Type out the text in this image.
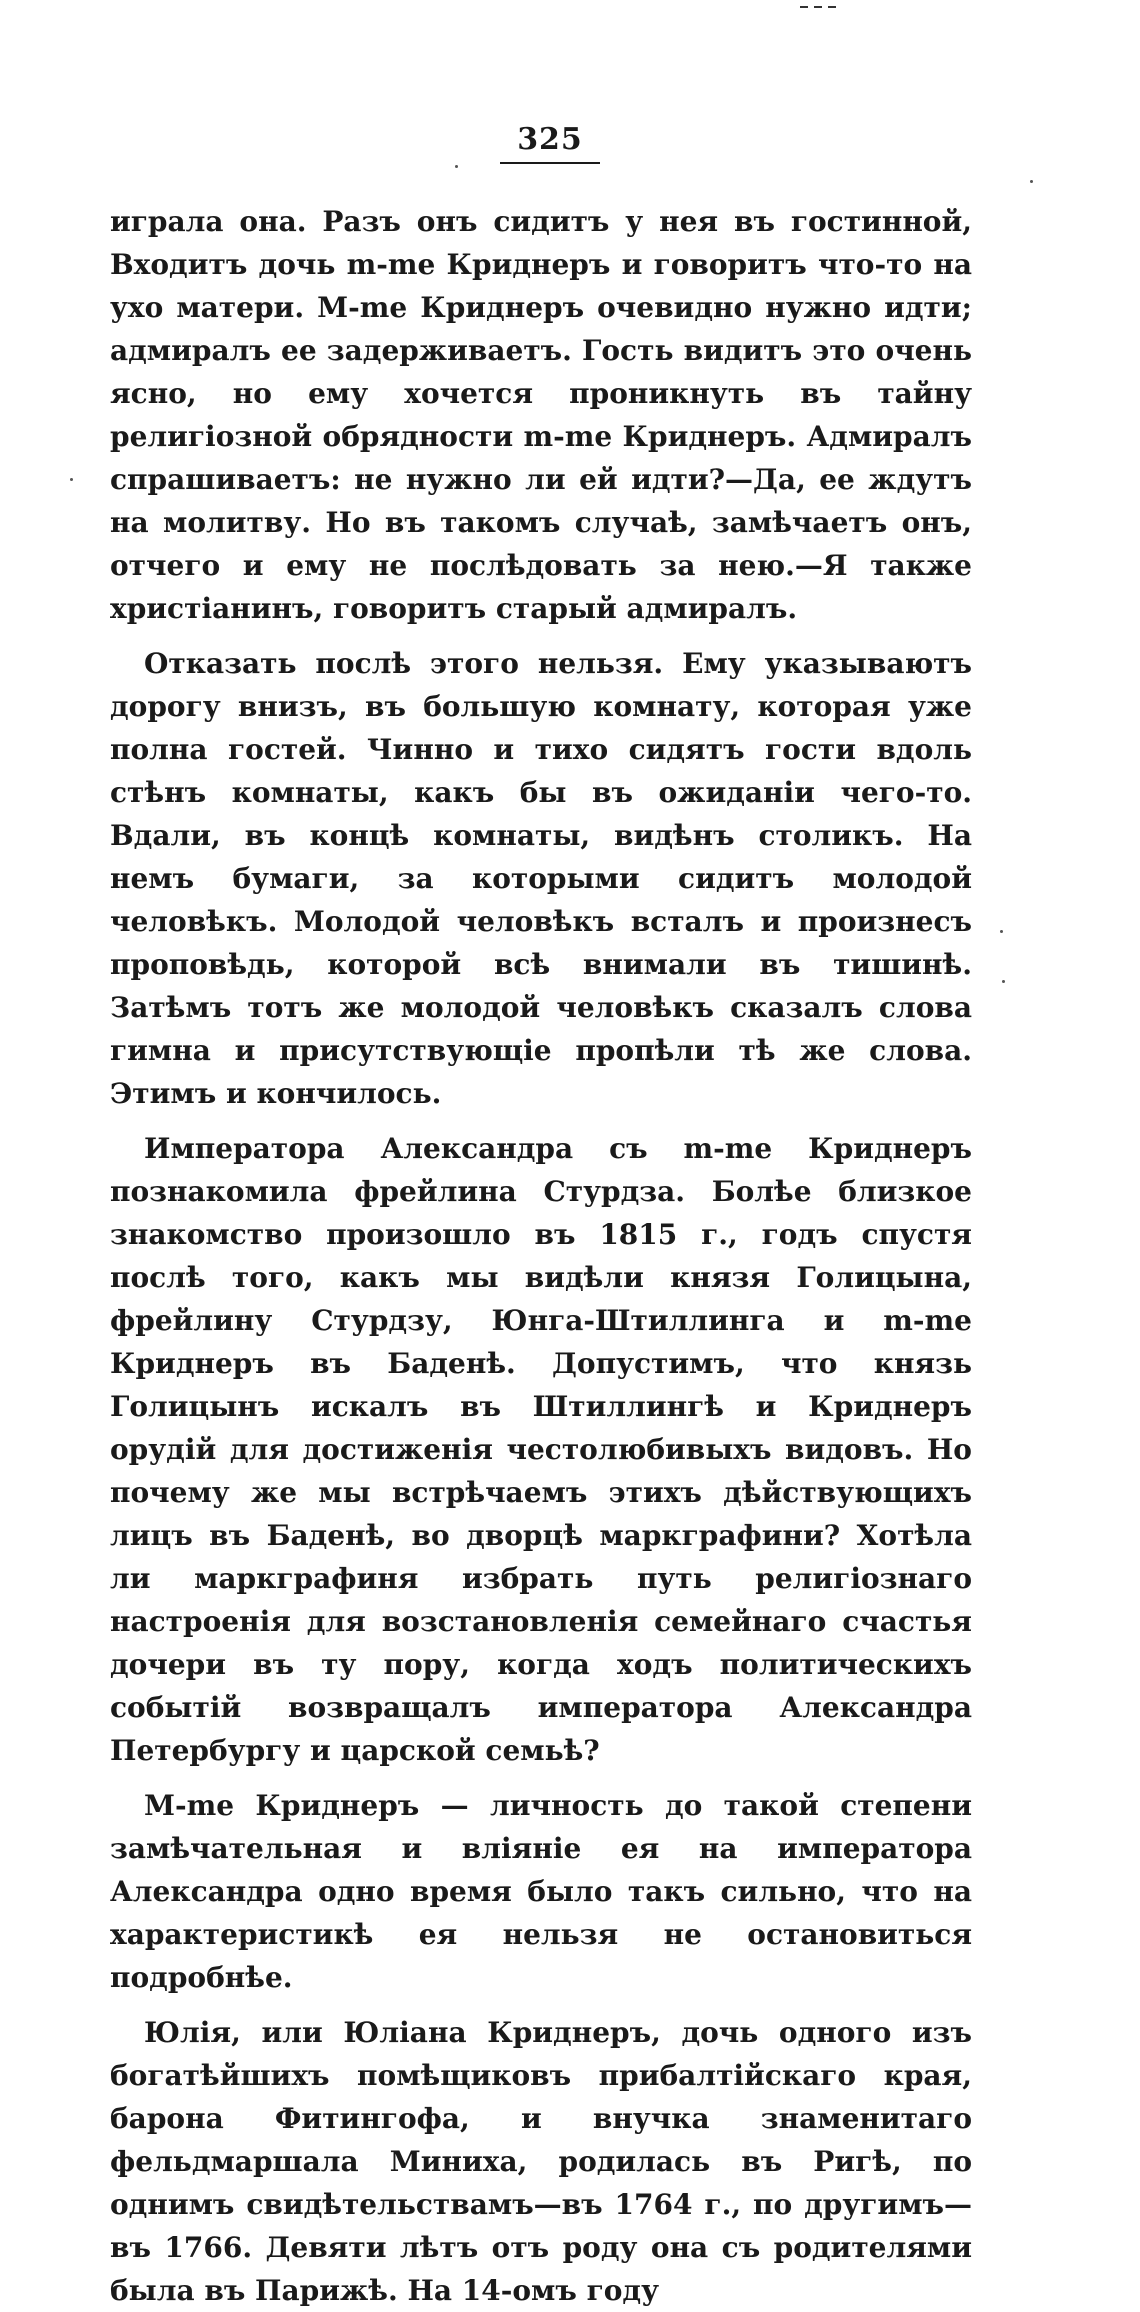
325

играла она. Разъ онъ сидитъ у нея въ гостинной, Входитъ дочь m-me Криднеръ и говоритъ что-то на ухо матери. M-me Криднеръ очевидно нужно идти; адмиралъ ее задерживаетъ. Гость видитъ это очень ясно, но ему хочется проникнуть въ тайну религіозной обрядности m-me Криднеръ. Адмиралъ спрашиваетъ: не нужно ли ей идти?—Да, ее ждутъ на молитву. Но въ такомъ случаѣ, замѣчаетъ онъ, отчего и ему не послѣдовать за нею.—Я также христіанинъ, говоритъ старый адмиралъ.

Отказать послѣ этого нельзя. Ему указываютъ дорогу внизъ, въ большую комнату, которая уже полна гостей. Чинно и тихо сидятъ гости вдоль стѣнъ комнаты, какъ бы въ ожиданіи чего-то. Вдали, въ концѣ комнаты, видѣнъ столикъ. На немъ бумаги, за которыми сидитъ молодой человѣкъ. Молодой человѣкъ всталъ и произнесъ проповѣдь, которой всѣ внимали въ тишинѣ. Затѣмъ тотъ же молодой человѣкъ сказалъ слова гимна и присутствующіе пропѣли тѣ же слова. Этимъ и кончилось.

Императора Александра съ m-me Криднеръ познакомила фрейлина Стурдза. Болѣе близкое знакомство произошло въ 1815 г., годъ спустя послѣ того, какъ мы видѣли князя Голицына, фрейлину Стурдзу, Юнга-Штиллинга и m-me Криднеръ въ Баденѣ. Допустимъ, что князь Голицынъ искалъ въ Штиллингѣ и Криднеръ орудій для достиженія честолюбивыхъ видовъ. Но почему же мы встрѣчаемъ этихъ дѣйствующихъ лицъ въ Баденѣ, во дворцѣ маркграфини? Хотѣла ли маркграфиня избрать путь религіознаго настроенія для возстановленія семейнаго счастья дочери въ ту пору, когда ходъ политическихъ событій возвращалъ императора Александра Петербургу и царской семьѣ?

M-me Криднеръ — личность до такой степени замѣчательная и вліяніе ея на императора Александра одно время было такъ сильно, что на характеристикѣ ея нельзя не остановиться подробнѣе.

Юлія, или Юліана Криднеръ, дочь одного изъ богатѣйшихъ помѣщиковъ прибалтійскаго края, барона Фитингофа, и внучка знаменитаго фельдмаршала Миниха, родилась въ Ригѣ, по однимъ свидѣтельствамъ—въ 1764 г., по другимъ—въ 1766. Девяти лѣтъ отъ роду она съ родителями была въ Парижѣ. На 14-омъ году
